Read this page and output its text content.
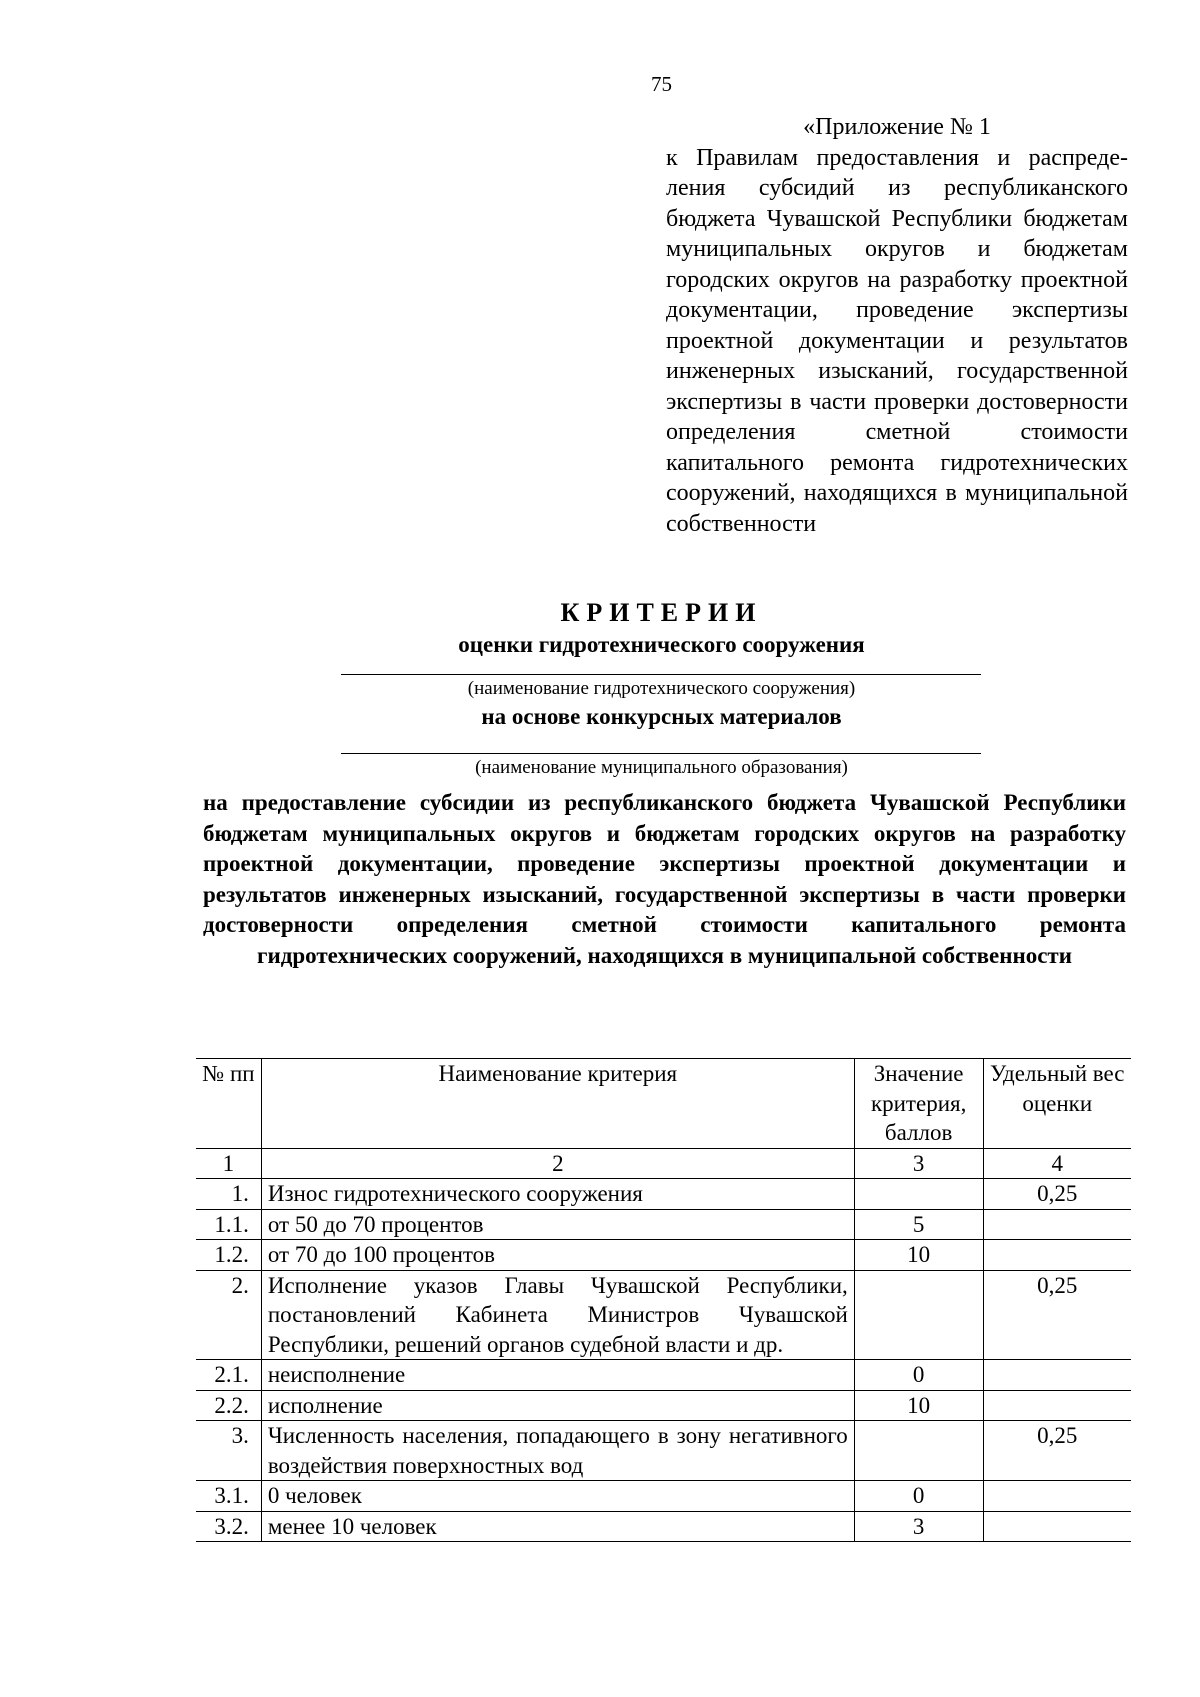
75
«Приложение № 1
к Правилам предоставления и распределения субсидий из республиканского бюджета Чувашской Республики бюджетам муниципальных округов и бюджетам городских округов на разработку проектной документации, проведение экспертизы проектной документации и результатов инженерных изысканий, государственной экспертизы в части проверки достоверности определения сметной стоимости капитального ремонта гидротехнических сооружений, находящихся в муниципальной собственности
КРИТЕРИИ
оценки гидротехнического сооружения
(наименование гидротехнического сооружения)
на основе конкурсных материалов
(наименование муниципального образования)
на предоставление субсидии из республиканского бюджета Чувашской Республики бюджетам муниципальных округов и бюджетам городских округов на разработку проектной документации, проведение экспертизы проектной документации и результатов инженерных изысканий, государственной экспертизы в части проверки достоверности определения сметной стоимости капитального ремонта гидротехнических сооружений, находящихся в муниципальной собственности
№ пп	Наименование критерия	Значение критерия, баллов	Удельный вес оценки
1	2	3	4
1.	Износ гидротехнического сооружения		0,25
1.1.	от 50 до 70 процентов	5	
1.2.	от 70 до 100 процентов	10	
2.	Исполнение указов Главы Чувашской Республики, постановлений Кабинета Министров Чувашской Республики, решений органов судебной власти и др.		0,25
2.1.	неисполнение	0	
2.2.	исполнение	10	
3.	Численность населения, попадающего в зону негативного воздействия поверхностных вод		0,25
3.1.	0 человек	0	
3.2.	менее 10 человек	3	
